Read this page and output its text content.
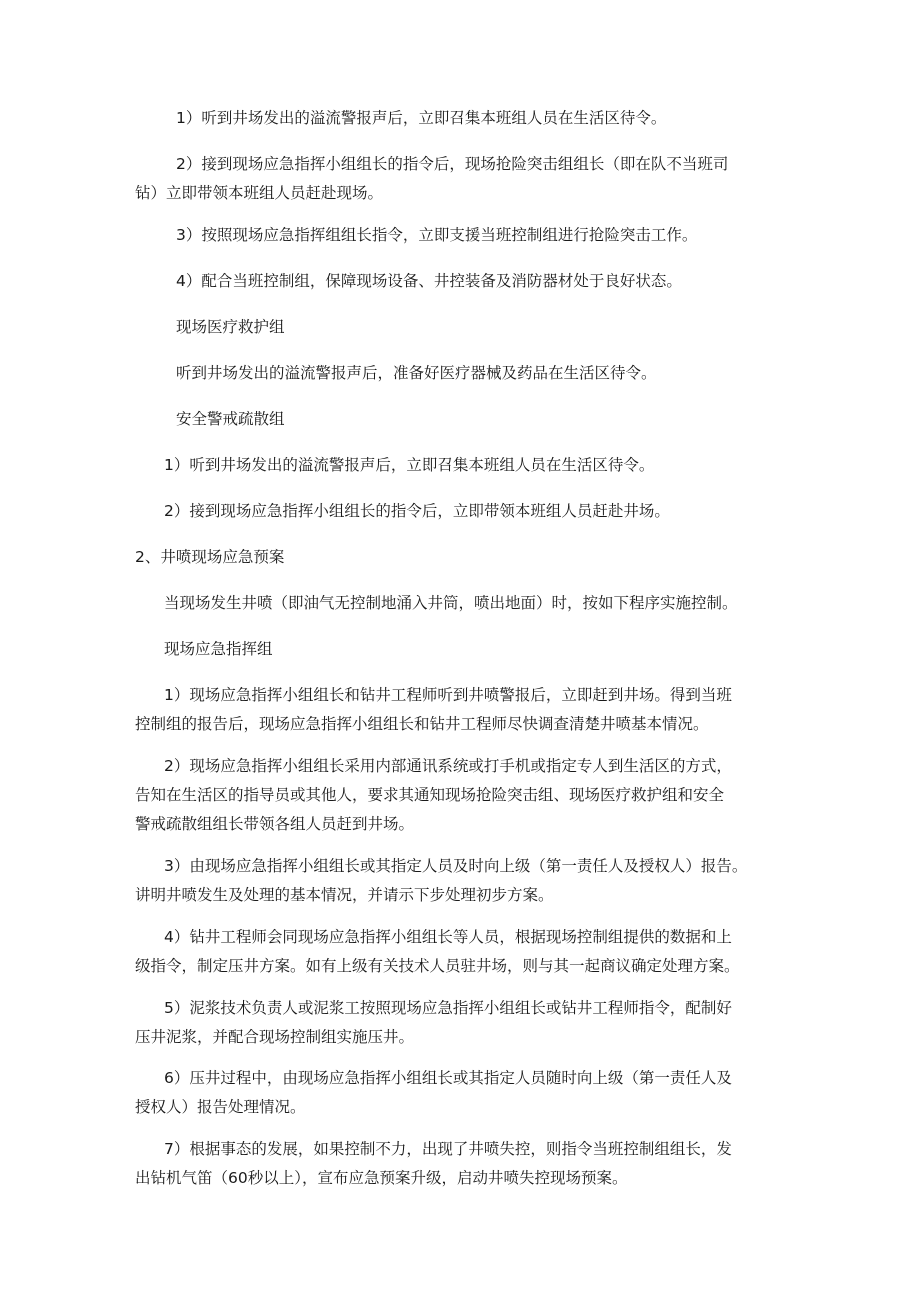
1）听到井场发出的溢流警报声后，立即召集本班组人员在生活区待令。

2）接到现场应急指挥小组组长的指令后，现场抢险突击组组长（即在队不当班司

钻）立即带领本班组人员赶赴现场。

3）按照现场应急指挥组组长指令，立即支援当班控制组进行抢险突击工作。

4）配合当班控制组，保障现场设备、井控装备及消防器材处于良好状态。

现场医疗救护组

听到井场发出的溢流警报声后，准备好医疗器械及药品在生活区待令。

安全警戒疏散组

1）听到井场发出的溢流警报声后，立即召集本班组人员在生活区待令。

2）接到现场应急指挥小组组长的指令后，立即带领本班组人员赶赴井场。

2、井喷现场应急预案

当现场发生井喷（即油气无控制地涌入井筒，喷出地面）时，按如下程序实施控制。

现场应急指挥组

1）现场应急指挥小组组长和钻井工程师听到井喷警报后，立即赶到井场。得到当班

控制组的报告后，现场应急指挥小组组长和钻井工程师尽快调查清楚井喷基本情况。

2）现场应急指挥小组组长采用内部通讯系统或打手机或指定专人到生活区的方式，

告知在生活区的指导员或其他人，要求其通知现场抢险突击组、现场医疗救护组和安全

警戒疏散组组长带领各组人员赶到井场。

3）由现场应急指挥小组组长或其指定人员及时向上级（第一责任人及授权人）报告。

讲明井喷发生及处理的基本情况，并请示下步处理初步方案。

4）钻井工程师会同现场应急指挥小组组长等人员，根据现场控制组提供的数据和上

级指令，制定压井方案。如有上级有关技术人员驻井场，则与其一起商议确定处理方案。

5）泥浆技术负责人或泥浆工按照现场应急指挥小组组长或钻井工程师指令，配制好

压井泥浆，并配合现场控制组实施压井。

6）压井过程中，由现场应急指挥小组组长或其指定人员随时向上级（第一责任人及

授权人）报告处理情况。

7）根据事态的发展，如果控制不力，出现了井喷失控，则指令当班控制组组长，发

出钻机气笛（60秒以上），宣布应急预案升级，启动井喷失控现场预案。
